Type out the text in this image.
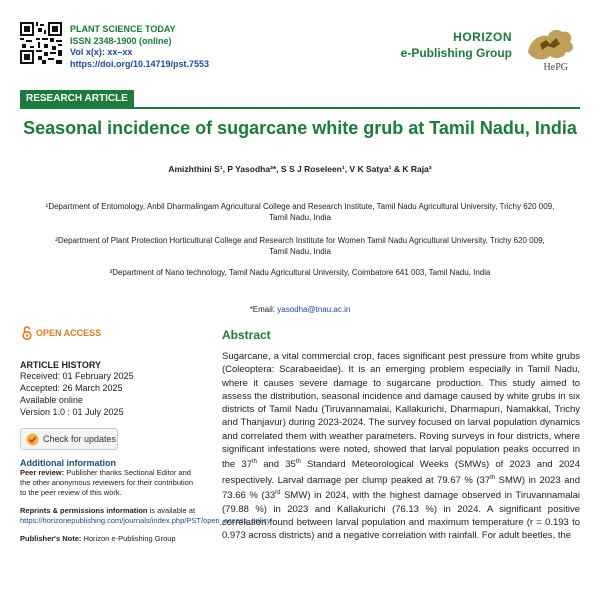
PLANT SCIENCE TODAY
ISSN 2348-1900 (online)
Vol x(x): xx–xx
https://doi.org/10.14719/pst.7553
HORIZON
e-Publishing Group
HePG
RESEARCH ARTICLE
Seasonal incidence of sugarcane white grub at Tamil Nadu, India
Amizhthini S¹, P Yasodha²*, S S J Roseleen¹, V K Satya¹ & K Raja³
¹Department of Entomology, Anbil Dharmalingam Agricultural College and Research Institute, Tamil Nadu Agricultural University, Trichy 620 009,
Tamil Nadu, India
²Department of Plant Protection Horticultural College and Research Institute for Women Tamil Nadu Agricultural University, Trichy 620 009,
Tamil Nadu, India
³Department of Nano technology, Tamil Nadu Agricultural University, Coimbatore 641 003, Tamil Nadu, India
*Email: yasodha@tnau.ac.in
OPEN ACCESS
ARTICLE HISTORY
Received: 01 February 2025
Accepted: 26 March 2025
Available online
Version 1.0 : 01 July 2025
Check for updates
Additional information
Peer review: Publisher thanks Sectional Editor and the other anonymous reviewers for their contribution to the peer review of this work.
Reprints & permissions information is available at https://horizonepublishing.com/journals/index.php/PST/open_access_policy
Publisher's Note: Horizon e-Publishing Group
Abstract
Sugarcane, a vital commercial crop, faces significant pest pressure from white grubs (Coleoptera: Scarabaeidae). It is an emerging problem especially in Tamil Nadu, where it causes severe damage to sugarcane production. This study aimed to assess the distribution, seasonal incidence and damage caused by white grubs in six districts of Tamil Nadu (Tiruvannamalai, Kallakurichi, Dharmapuri, Namakkal, Trichy and Thanjavur) during 2023-2024. The survey focused on larval population dynamics and correlated them with weather parameters. Roving surveys in four districts, where significant infestations were noted, showed that larval population peaks occurred in the 37th and 35th Standard Meteorological Weeks (SMWs) of 2023 and 2024 respectively. Larval damage per clump peaked at 79.67 % (37th SMW) in 2023 and 73.66 % (33rd SMW) in 2024, with the highest damage observed in Tiruvannamalai (79.88 %) in 2023 and Kallakurichi (76.13 %) in 2024. A significant positive correlation found between larval population and maximum temperature (r = 0.193 to 0.973 across districts) and a negative correlation with rainfall. For adult beetles, the
